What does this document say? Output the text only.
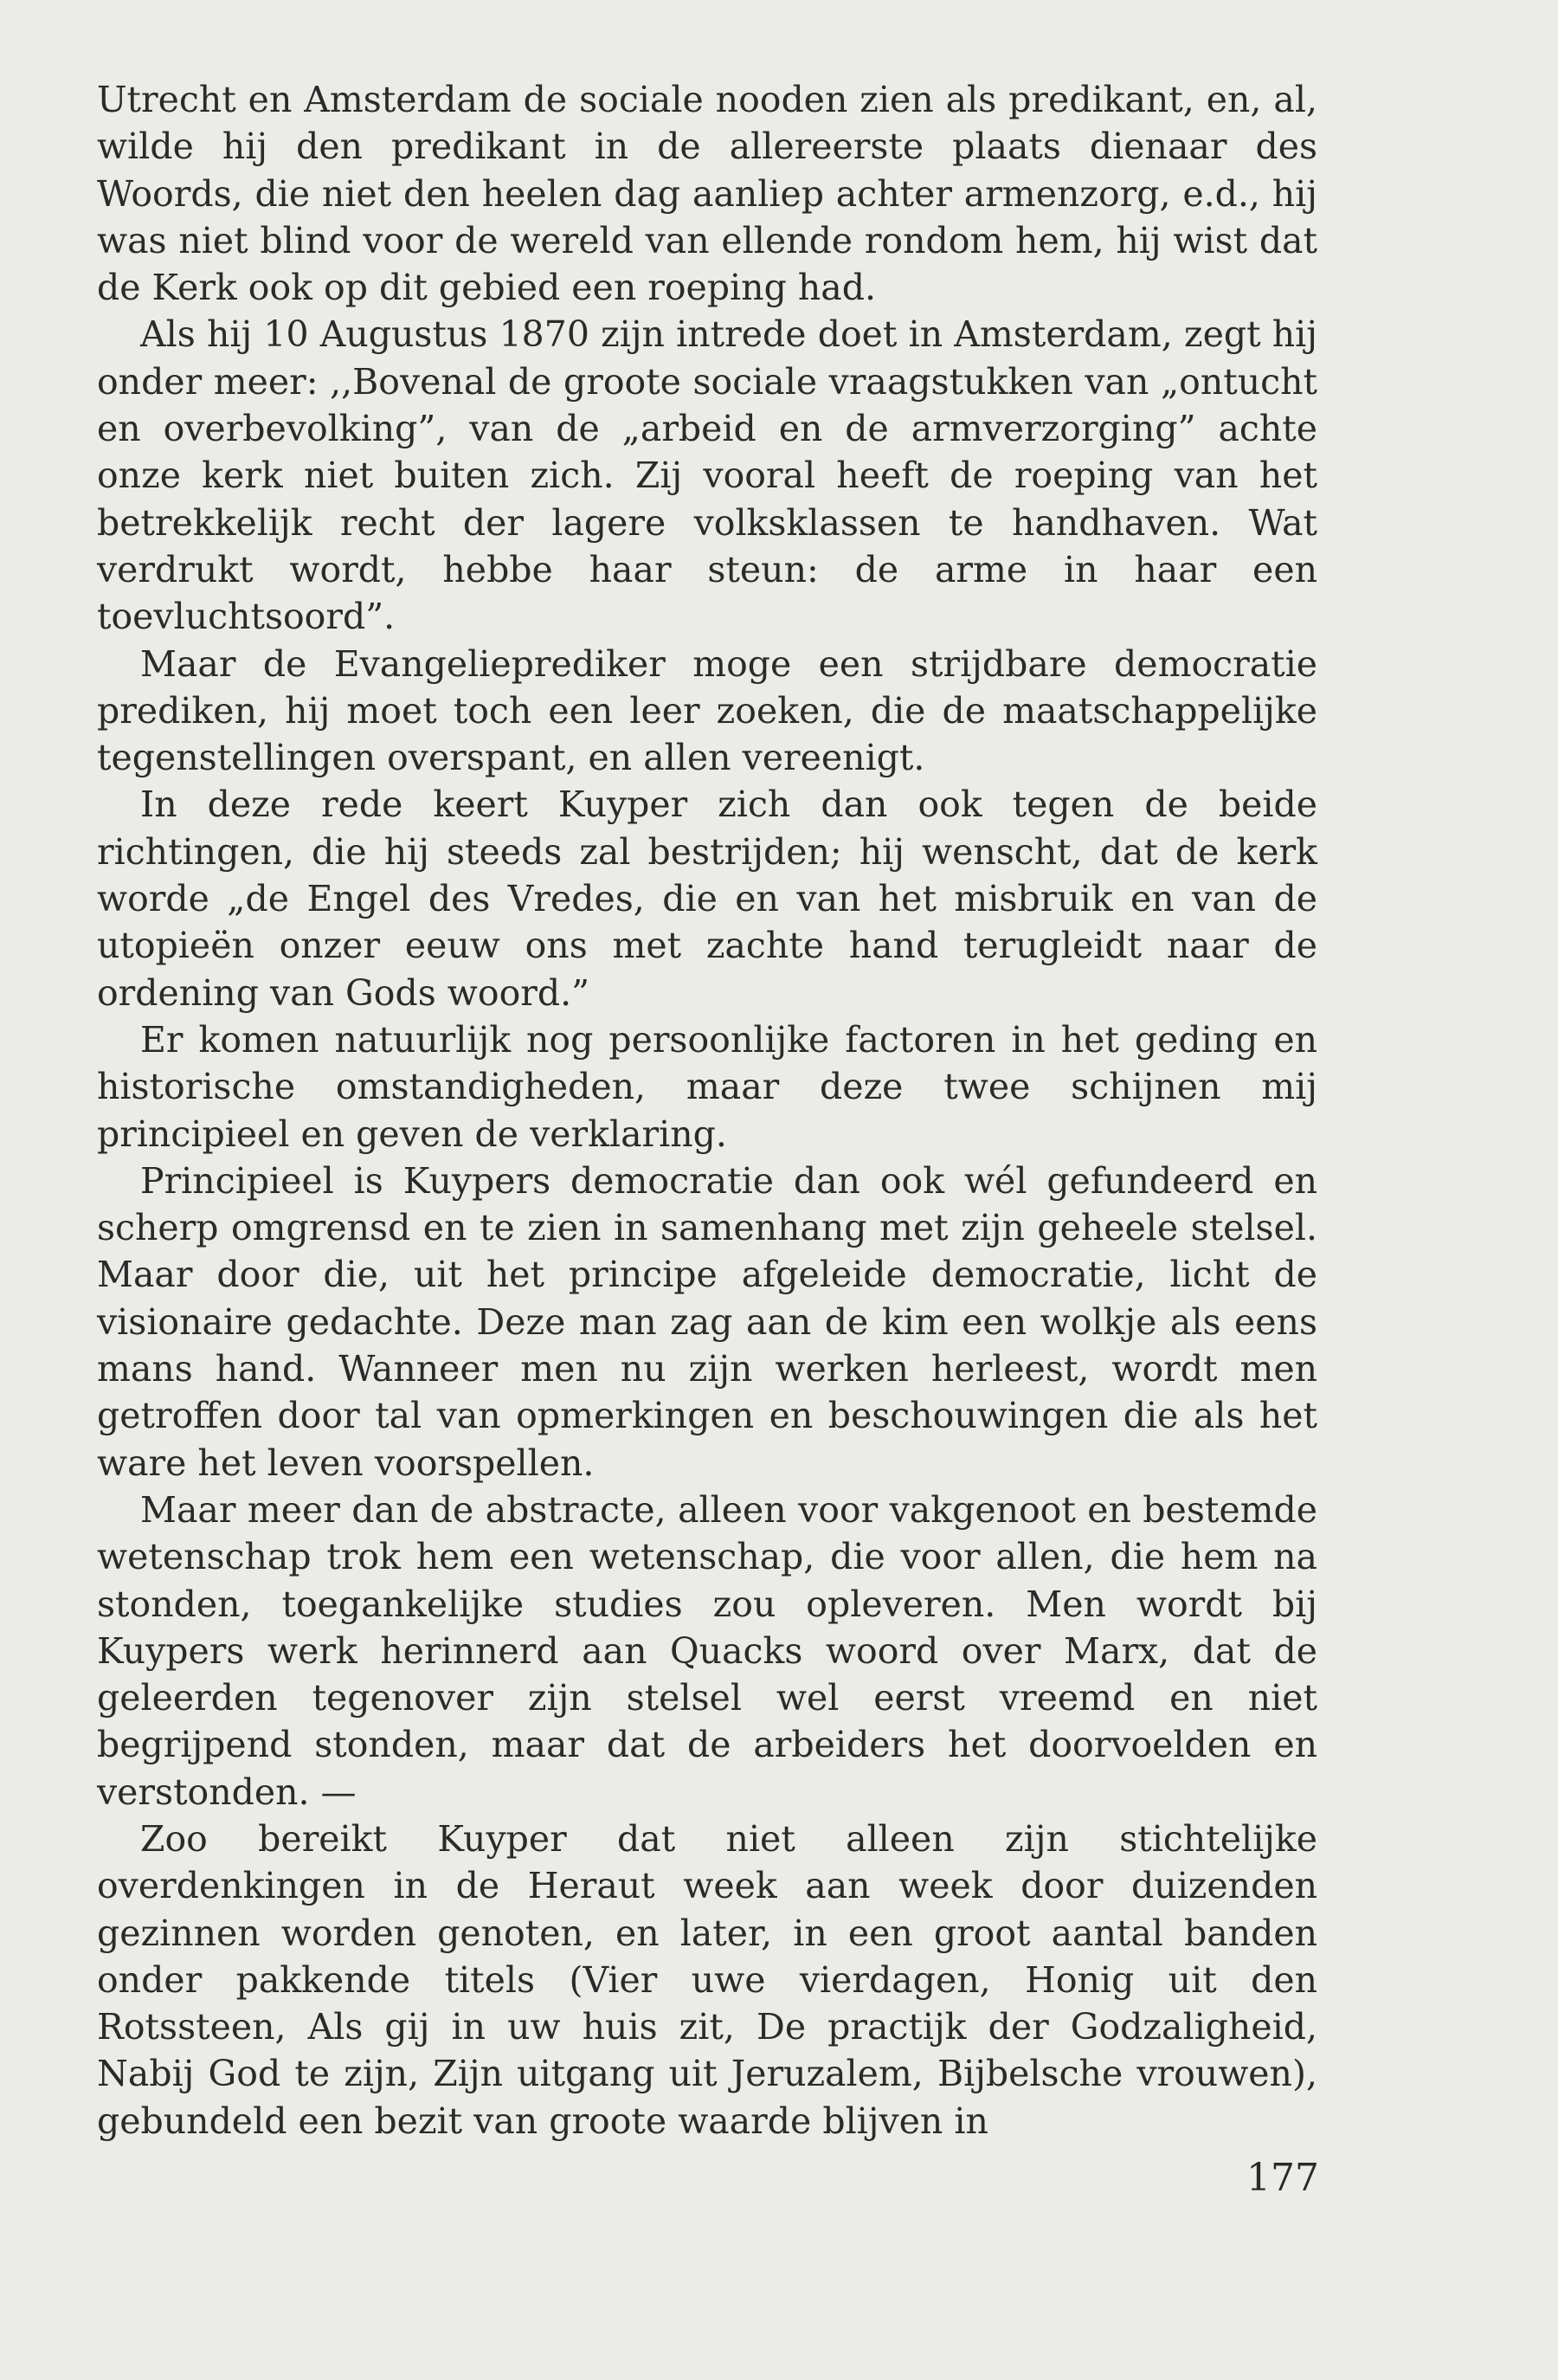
Utrecht en Amsterdam de sociale nooden zien als predikant, en, al, wilde hij den predikant in de allereerste plaats dienaar des Woords, die niet den heelen dag aanliep achter armenzorg, e.d., hij was niet blind voor de wereld van ellende rondom hem, hij wist dat de Kerk ook op dit gebied een roeping had.

Als hij 10 Augustus 1870 zijn intrede doet in Amsterdam, zegt hij onder meer: ,,Bovenal de groote sociale vraagstukken van „ontucht en overbevolking”, van de „arbeid en de armverzorging” achte onze kerk niet buiten zich. Zij vooral heeft de roeping van het betrekkelijk recht der lagere volksklassen te handhaven. Wat verdrukt wordt, hebbe haar steun: de arme in haar een toevluchtsoord”.

Maar de Evangelieprediker moge een strijdbare democratie prediken, hij moet toch een leer zoeken, die de maatschappelijke tegenstellingen overspant, en allen vereenigt.

In deze rede keert Kuyper zich dan ook tegen de beide richtingen, die hij steeds zal bestrijden; hij wenscht, dat de kerk worde „de Engel des Vredes, die en van het misbruik en van de utopieën onzer eeuw ons met zachte hand terugleidt naar de ordening van Gods woord.”

Er komen natuurlijk nog persoonlijke factoren in het geding en historische omstandigheden, maar deze twee schijnen mij principieel en geven de verklaring.

Principieel is Kuypers democratie dan ook wél gefundeerd en scherp omgrensd en te zien in samenhang met zijn geheele stelsel. Maar door die, uit het principe afgeleide democratie, licht de visionaire gedachte. Deze man zag aan de kim een wolkje als eens mans hand. Wanneer men nu zijn werken herleest, wordt men getroffen door tal van opmerkingen en beschouwingen die als het ware het leven voorspellen.

Maar meer dan de abstracte, alleen voor vakgenoot en bestemde wetenschap trok hem een wetenschap, die voor allen, die hem na stonden, toegankelijke studies zou opleveren. Men wordt bij Kuypers werk herinnerd aan Quacks woord over Marx, dat de geleerden tegenover zijn stelsel wel eerst vreemd en niet begrijpend stonden, maar dat de arbeiders het doorvoelden en verstonden. —

Zoo bereikt Kuyper dat niet alleen zijn stichtelijke overdenkingen in de Heraut week aan week door duizenden gezinnen worden genoten, en later, in een groot aantal banden onder pakkende titels (Vier uwe vierdagen, Honig uit den Rotssteen, Als gij in uw huis zit, De practijk der Godzaligheid, Nabij God te zijn, Zijn uitgang uit Jeruzalem, Bijbelsche vrouwen), gebundeld een bezit van groote waarde blijven in

177
